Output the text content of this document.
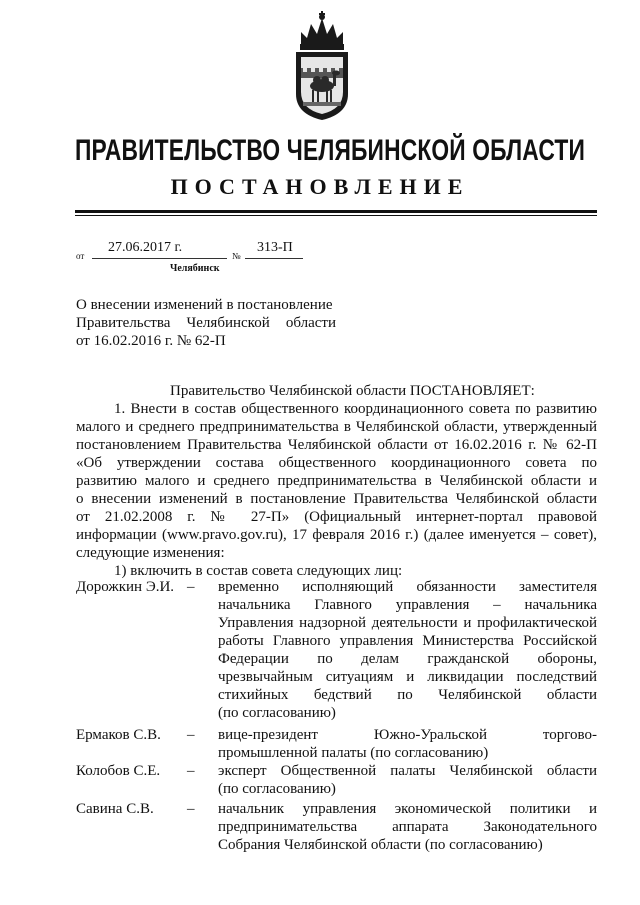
ПРАВИТЕЛЬСТВО ЧЕЛЯБИНСКОЙ ОБЛАСТИ
ПОСТАНОВЛЕНИЕ
от
27.06.2017 г.
№
313-П
Челябинск
О внесении изменений в постановление
Правительства Челябинской области
от 16.02.2016 г. № 62-П
Правительство Челябинской области ПОСТАНОВЛЯЕТ:
1. Внести в состав общественного координационного совета по развитию
малого и среднего предпринимательства в Челябинской области, утвержденный
постановлением Правительства Челябинской области от 16.02.2016 г. № 62-П
«Об утверждении состава общественного координационного совета по
развитию малого и среднего предпринимательства в Челябинской области и
о внесении изменений в постановление Правительства Челябинской области
от 21.02.2008 г. № 27-П» (Официальный интернет-портал правовой
информации (www.pravo.gov.ru), 17 февраля 2016 г.) (далее именуется – совет),
следующие изменения:
1) включить в состав совета следующих лиц:
Дорожкин Э.И. – временно исполняющий обязанности заместителя
начальника Главного управления – начальника
Управления надзорной деятельности и профилактической
работы Главного управления Министерства Российской
Федерации по делам гражданской обороны,
чрезвычайным ситуациям и ликвидации последствий
стихийных бедствий по Челябинской области
(по согласованию)
Ермаков С.В. – вице-президент Южно-Уральской торгово-
промышленной палаты (по согласованию)
Колобов С.Е. – эксперт Общественной палаты Челябинской области
(по согласованию)
Савина С.В. – начальник управления экономической политики и
предпринимательства аппарата Законодательного
Собрания Челябинской области (по согласованию)
